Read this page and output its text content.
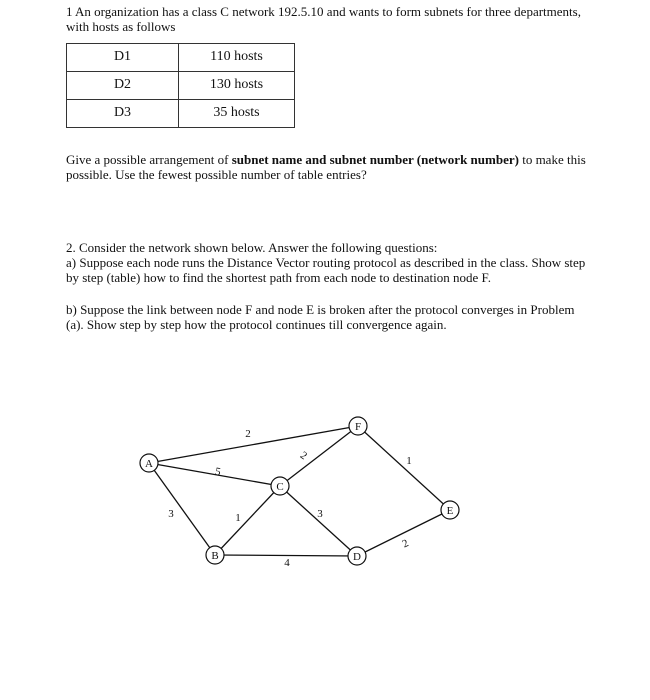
1 An organization has a class C network 192.5.10 and wants to form subnets for three departments, with hosts as follows
D1	110 hosts
D2	130 hosts
D3	35 hosts
Give a possible arrangement of subnet name and subnet number (network number) to make this possible. Use the fewest possible number of table entries?
2. Consider the network shown below. Answer the following questions:
a) Suppose each node runs the Distance Vector routing protocol as described in the class. Show step by step (table) how to find the shortest path from each node to destination node F.
b) Suppose the link between node F and node E is broken after the protocol converges in Problem (a). Show step by step how the protocol continues till convergence again.
2
5
3	1
4
2
3
1
2
A
B
C
D
E
F
